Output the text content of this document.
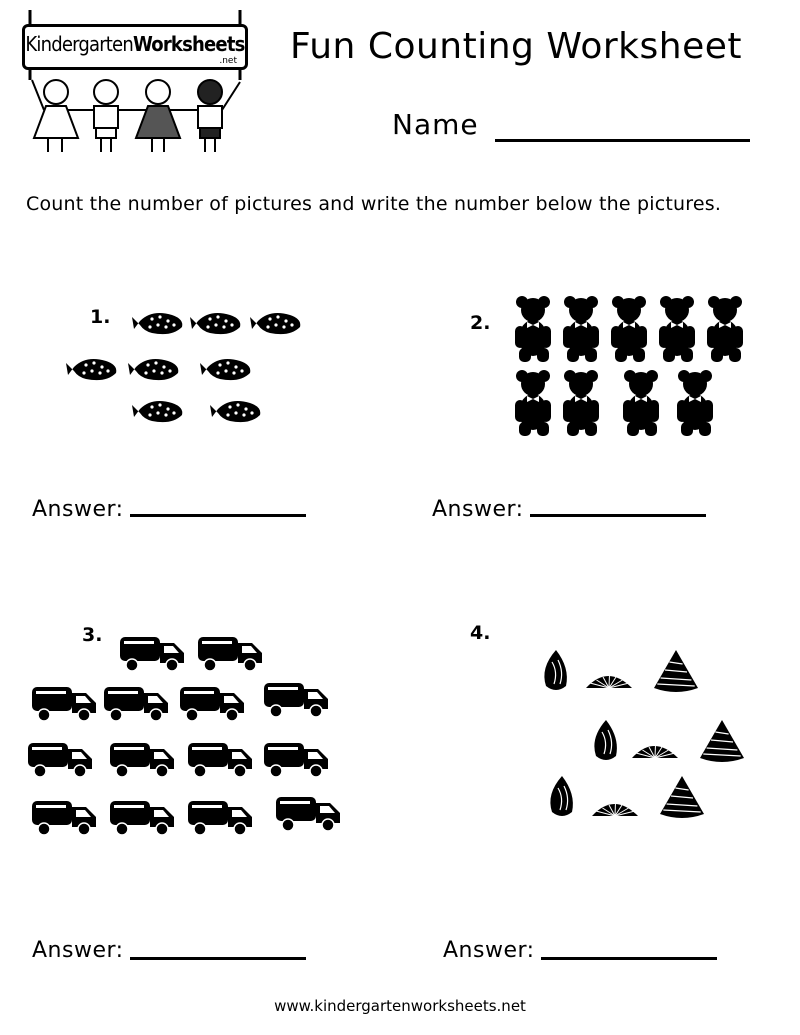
KindergartenWorksheets
.net Fun Counting Worksheet
Name
Count the number of pictures and write the number below the pictures.
1.
Answer:
2.
Answer:
3.
Answer:
4.
Answer:
www.kindergartenworksheets.net
